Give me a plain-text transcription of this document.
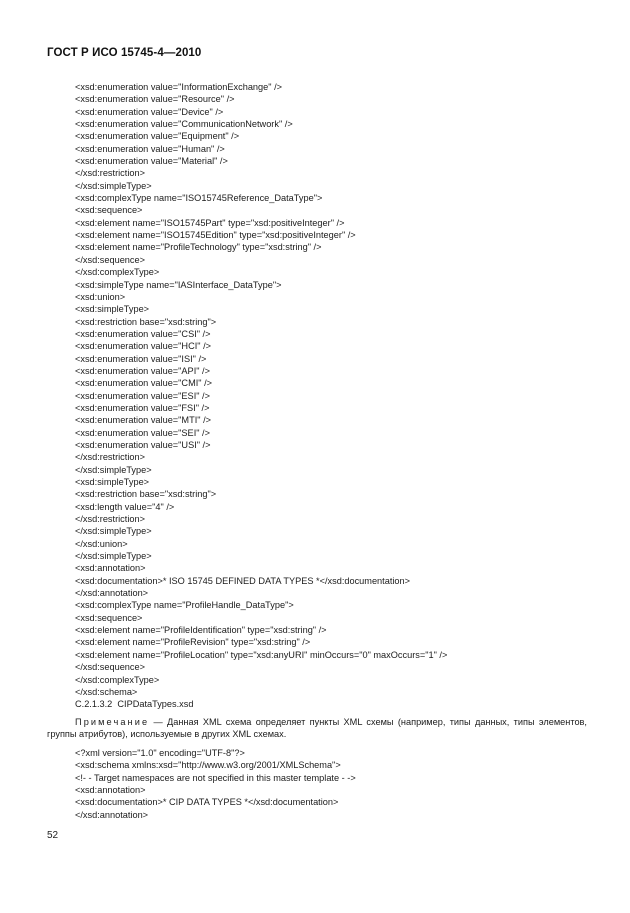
ГОСТ Р ИСО 15745-4—2010
<xsd:enumeration value="InformationExchange" />
<xsd:enumeration value="Resource" />
<xsd:enumeration value="Device" />
<xsd:enumeration value="CommunicationNetwork" />
<xsd:enumeration value="Equipment" />
<xsd:enumeration value="Human" />
<xsd:enumeration value="Material" />
</xsd:restriction>
</xsd:simpleType>
<xsd:complexType name="ISO15745Reference_DataType">
<xsd:sequence>
<xsd:element name="ISO15745Part" type="xsd:positiveInteger" />
<xsd:element name="ISO15745Edition" type="xsd:positiveInteger" />
<xsd:element name="ProfileTechnology" type="xsd:string" />
</xsd:sequence>
</xsd:complexType>
<xsd:simpleType name="IASInterface_DataType">
<xsd:union>
<xsd:simpleType>
<xsd:restriction base="xsd:string">
<xsd:enumeration value="CSI" />
<xsd:enumeration value="HCI" />
<xsd:enumeration value="ISI" />
<xsd:enumeration value="API" />
<xsd:enumeration value="CMI" />
<xsd:enumeration value="ESI" />
<xsd:enumeration value="FSI" />
<xsd:enumeration value="MTI" />
<xsd:enumeration value="SEI" />
<xsd:enumeration value="USI" />
</xsd:restriction>
</xsd:simpleType>
<xsd:simpleType>
<xsd:restriction base="xsd:string">
<xsd:length value="4" />
</xsd:restriction>
</xsd:simpleType>
</xsd:union>
</xsd:simpleType>
<xsd:annotation>
<xsd:documentation>* ISO 15745 DEFINED DATA TYPES *</xsd:documentation>
</xsd:annotation>
<xsd:complexType name="ProfileHandle_DataType">
<xsd:sequence>
<xsd:element name="ProfileIdentification" type="xsd:string" />
<xsd:element name="ProfileRevision" type="xsd:string" />
<xsd:element name="ProfileLocation" type="xsd:anyURI" minOccurs="0" maxOccurs="1" />
</xsd:sequence>
</xsd:complexType>
</xsd:schema>
C.2.1.3.2  CIPDataTypes.xsd
Примечание — Данная XML схема определяет пункты XML схемы (например, типы данных, типы элементов, группы атрибутов), используемые в других XML схемах.
<?xml version="1.0" encoding="UTF-8"?>
<xsd:schema xmlns:xsd="http://www.w3.org/2001/XMLSchema">
<!- - Target namespaces are not specified in this master template - ->
<xsd:annotation>
<xsd:documentation>* CIP DATA TYPES *</xsd:documentation>
</xsd:annotation>
52
